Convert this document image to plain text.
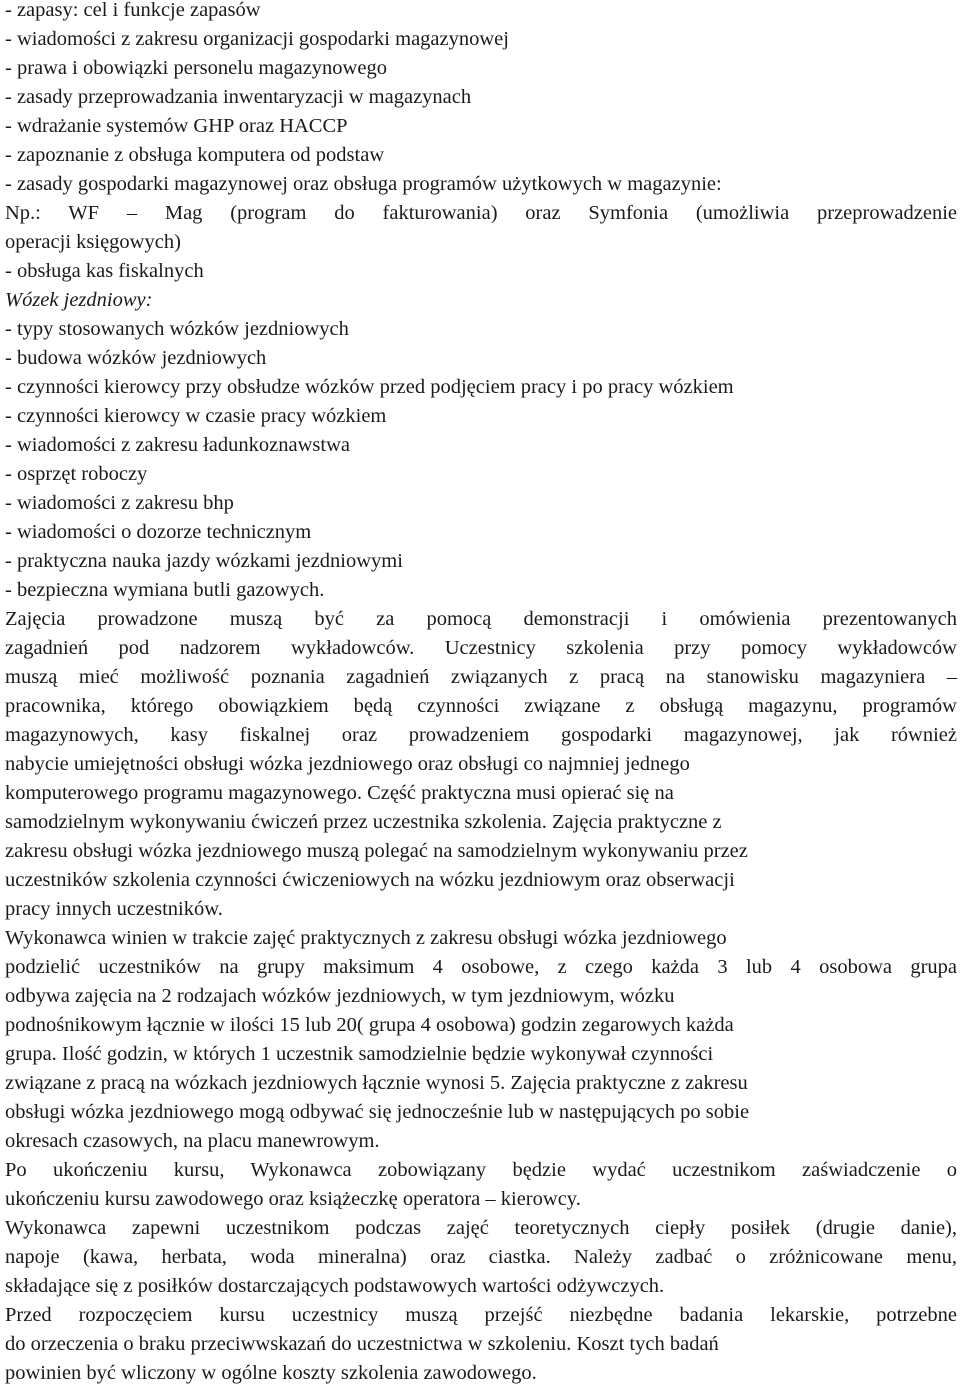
- zapasy: cel i funkcje zapasów
- wiadomości z zakresu organizacji gospodarki magazynowej
- prawa i obowiązki personelu magazynowego
- zasady przeprowadzania inwentaryzacji w magazynach
- wdrażanie systemów GHP oraz HACCP
- zapoznanie z obsługa komputera od podstaw
- zasady gospodarki magazynowej oraz obsługa programów użytkowych w magazynie:
Np.: WF – Mag (program do fakturowania) oraz Symfonia (umożliwia przeprowadzenie
operacji księgowych)
- obsługa kas fiskalnych
Wózek jezdniowy:
- typy stosowanych wózków jezdniowych
- budowa wózków jezdniowych
- czynności kierowcy przy obsłudze wózków przed podjęciem pracy i po pracy wózkiem
- czynności kierowcy w czasie pracy wózkiem
- wiadomości z zakresu ładunkoznawstwa
- osprzęt roboczy
- wiadomości z zakresu bhp
- wiadomości o dozorze technicznym
- praktyczna nauka jazdy wózkami jezdniowymi
- bezpieczna wymiana butli gazowych.
Zajęcia prowadzone muszą być za pomocą demonstracji i omówienia prezentowanych
zagadnień pod nadzorem wykładowców. Uczestnicy szkolenia przy pomocy wykładowców
muszą mieć możliwość poznania zagadnień związanych z pracą na stanowisku magazyniera –
pracownika, którego obowiązkiem będą czynności związane z obsługą magazynu, programów
magazynowych, kasy fiskalnej oraz prowadzeniem gospodarki magazynowej, jak również
nabycie umiejętności obsługi wózka jezdniowego oraz obsługi co najmniej jednego
komputerowego programu magazynowego. Część praktyczna musi opierać się na
samodzielnym wykonywaniu ćwiczeń przez uczestnika szkolenia. Zajęcia praktyczne z
zakresu obsługi wózka jezdniowego muszą polegać na samodzielnym wykonywaniu przez
uczestników szkolenia czynności ćwiczeniowych na wózku jezdniowym oraz obserwacji
pracy innych uczestników.
Wykonawca winien w trakcie zajęć praktycznych z zakresu obsługi wózka jezdniowego
podzielić uczestników na grupy maksimum 4 osobowe, z czego każda 3 lub 4 osobowa grupa
odbywa zajęcia na 2 rodzajach wózków jezdniowych, w tym jezdniowym, wózku
podnośnikowym łącznie w ilości 15 lub 20( grupa 4 osobowa) godzin zegarowych każda
grupa. Ilość godzin, w których 1 uczestnik samodzielnie będzie wykonywał czynności
związane z pracą na wózkach jezdniowych łącznie wynosi 5. Zajęcia praktyczne z zakresu
obsługi wózka jezdniowego mogą odbywać się jednocześnie lub w następujących po sobie
okresach czasowych, na placu manewrowym.
Po ukończeniu kursu, Wykonawca zobowiązany będzie wydać uczestnikom zaświadczenie o
ukończeniu kursu zawodowego oraz książeczkę operatora – kierowcy.
Wykonawca zapewni uczestnikom podczas zajęć teoretycznych ciepły posiłek (drugie danie),
napoje (kawa, herbata, woda mineralna) oraz ciastka. Należy zadbać o zróżnicowane menu,
składające się z posiłków dostarczających podstawowych wartości odżywczych.
Przed rozpoczęciem kursu uczestnicy muszą przejść niezbędne badania lekarskie, potrzebne
do orzeczenia o braku przeciwwskazań do uczestnictwa w szkoleniu. Koszt tych badań
powinien być wliczony w ogólne koszty szkolenia zawodowego.
